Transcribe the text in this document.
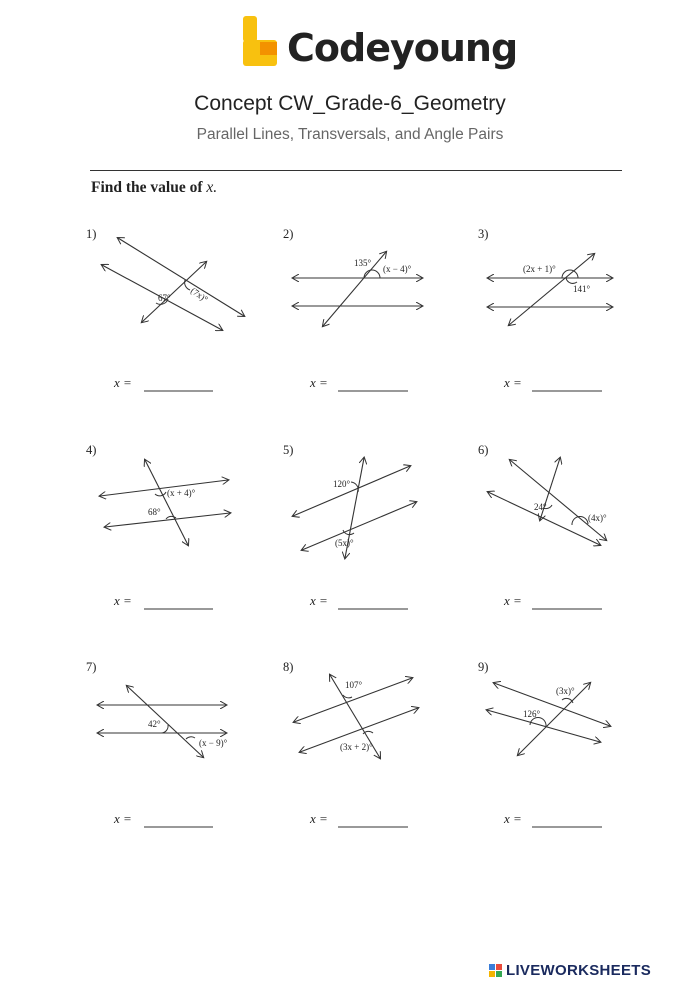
Codeyoung
Concept CW_Grade-6_Geometry
Parallel Lines, Transversals, and Angle Pairs
Find the value of x.
1)
67° (7x)°
x =
2)
135°
(x − 4)°
x =
3)
(2x + 1)°
141°
x =
4)
(x + 4)°
68°
x =
5)
120°
(5x)°
x =
6)
24°
(4x)°
x =
7)
42°
(x − 9)°
x =
8)
107°
(3x + 2)°
x =
9)
(3x)°
126°
x =
LIVEWORKSHEETS
